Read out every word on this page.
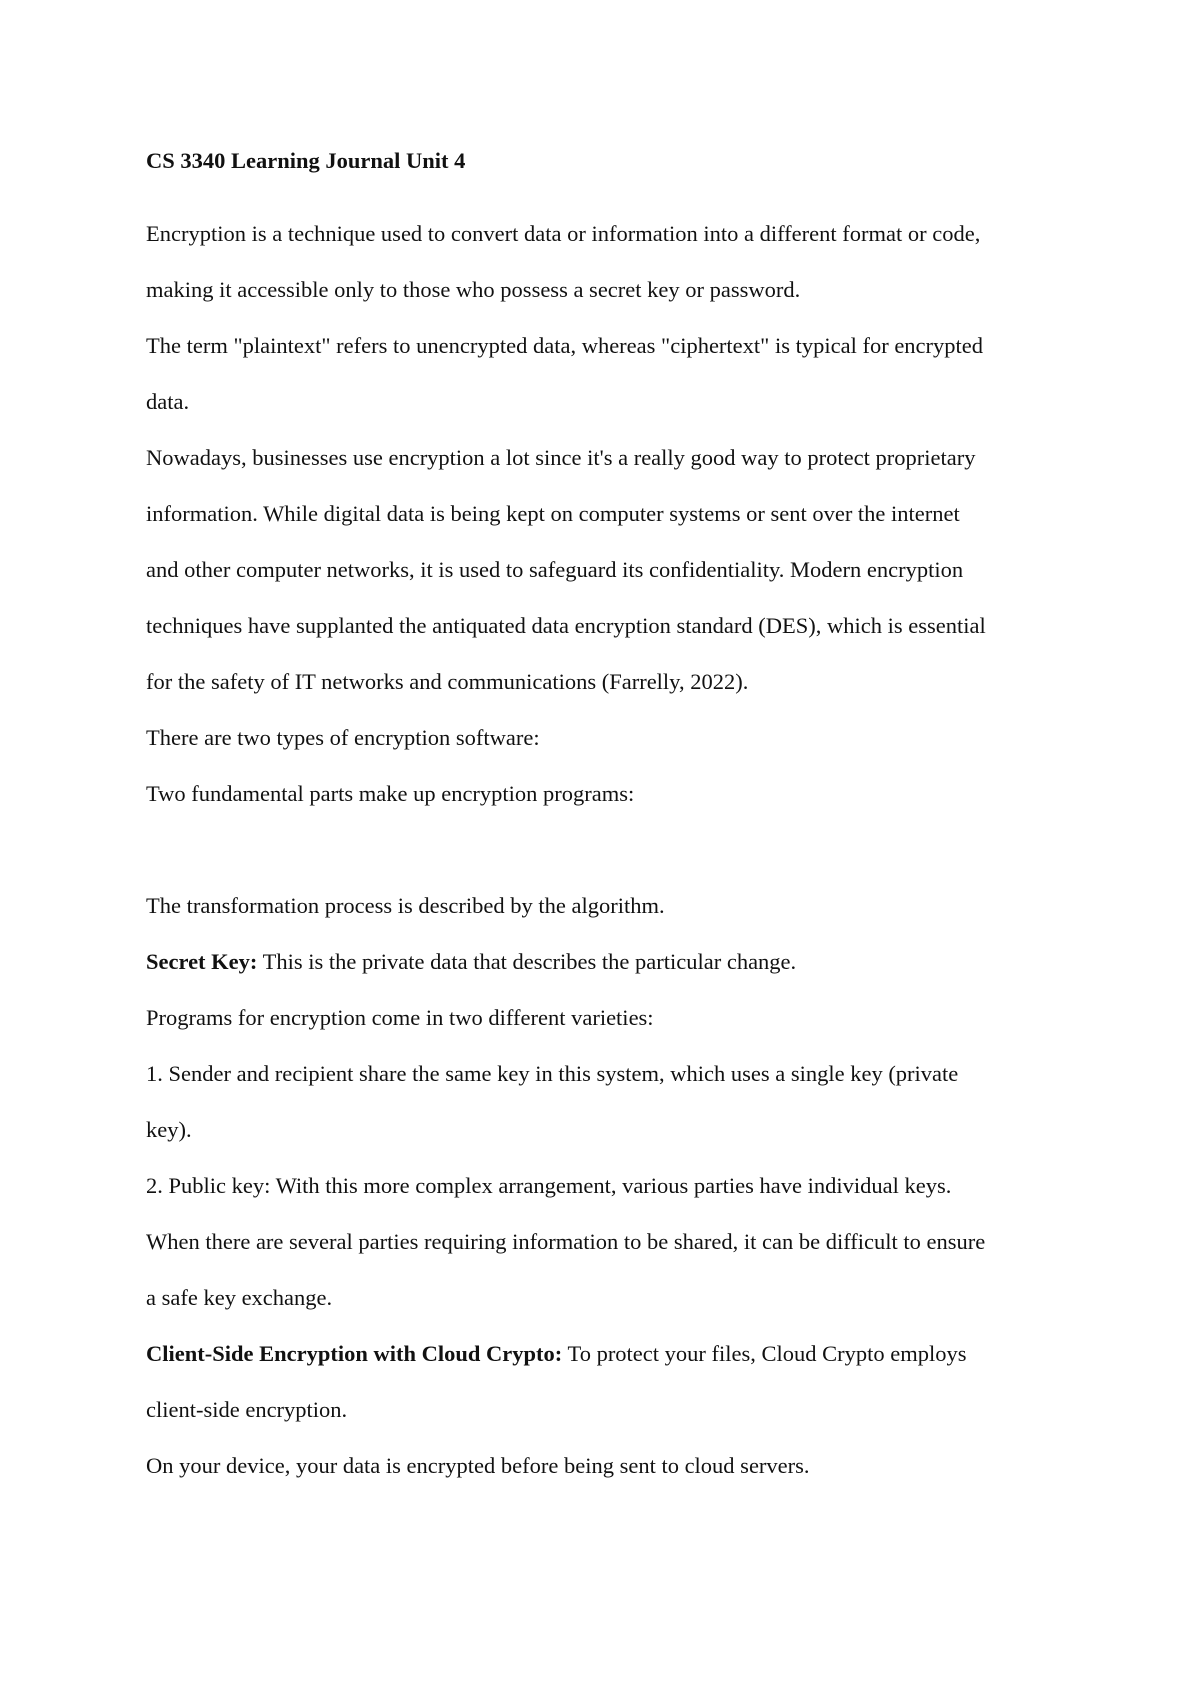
CS 3340 Learning Journal Unit 4
Encryption is a technique used to convert data or information into a different format or code,
making it accessible only to those who possess a secret key or password.
The term "plaintext" refers to unencrypted data, whereas "ciphertext" is typical for encrypted
data.
Nowadays, businesses use encryption a lot since it's a really good way to protect proprietary
information. While digital data is being kept on computer systems or sent over the internet
and other computer networks, it is used to safeguard its confidentiality. Modern encryption
techniques have supplanted the antiquated data encryption standard (DES), which is essential
for the safety of IT networks and communications (Farrelly, 2022).
There are two types of encryption software:
Two fundamental parts make up encryption programs:
The transformation process is described by the algorithm.
Secret Key: This is the private data that describes the particular change.
Programs for encryption come in two different varieties:
1. Sender and recipient share the same key in this system, which uses a single key (private
key).
2. Public key: With this more complex arrangement, various parties have individual keys.
When there are several parties requiring information to be shared, it can be difficult to ensure
a safe key exchange.
Client-Side Encryption with Cloud Crypto: To protect your files, Cloud Crypto employs
client-side encryption.
On your device, your data is encrypted before being sent to cloud servers.
